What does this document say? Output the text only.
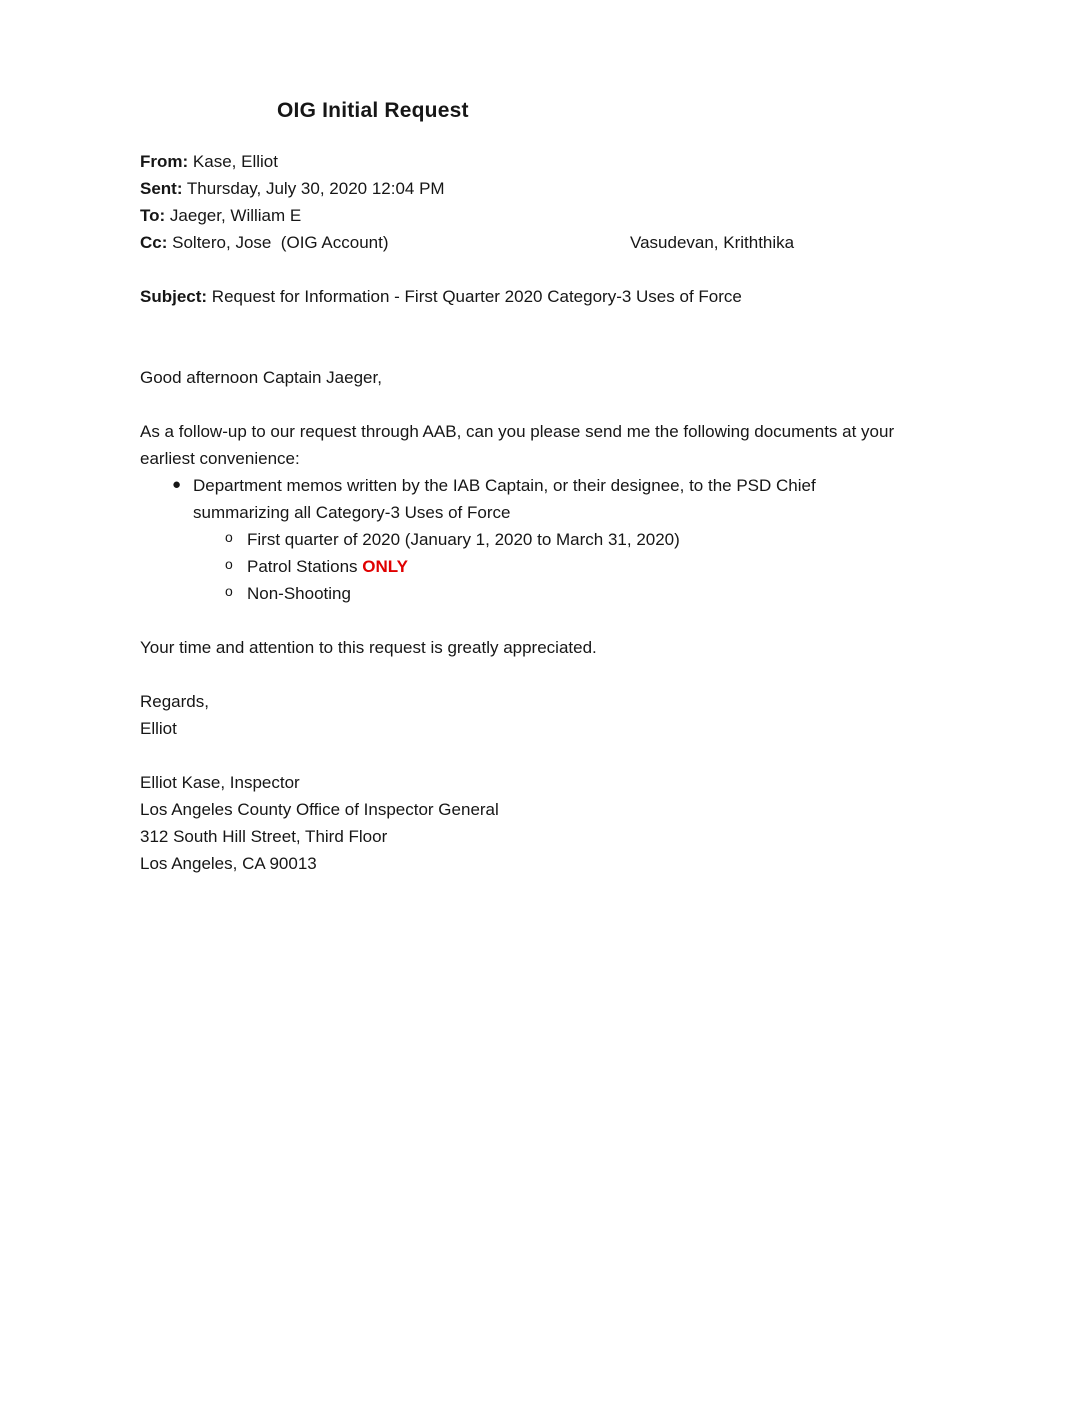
OIG Initial Request
From: Kase, Elliot
Sent: Thursday, July 30, 2020 12:04 PM
To: Jaeger, William E
Cc: Soltero, Jose  (OIG Account)	Vasudevan, Kriththika
Subject: Request for Information - First Quarter 2020 Category-3 Uses of Force
Good afternoon Captain Jaeger,
As a follow-up to our request through AAB, can you please send me the following documents at your earliest convenience:
● Department memos written by the IAB Captain, or their designee, to the PSD Chief summarizing all Category-3 Uses of Force
o First quarter of 2020 (January 1, 2020 to March 31, 2020)
o Patrol Stations ONLY
o Non-Shooting
Your time and attention to this request is greatly appreciated.
Regards,
Elliot
Elliot Kase, Inspector
Los Angeles County Office of Inspector General
312 South Hill Street, Third Floor
Los Angeles, CA 90013
